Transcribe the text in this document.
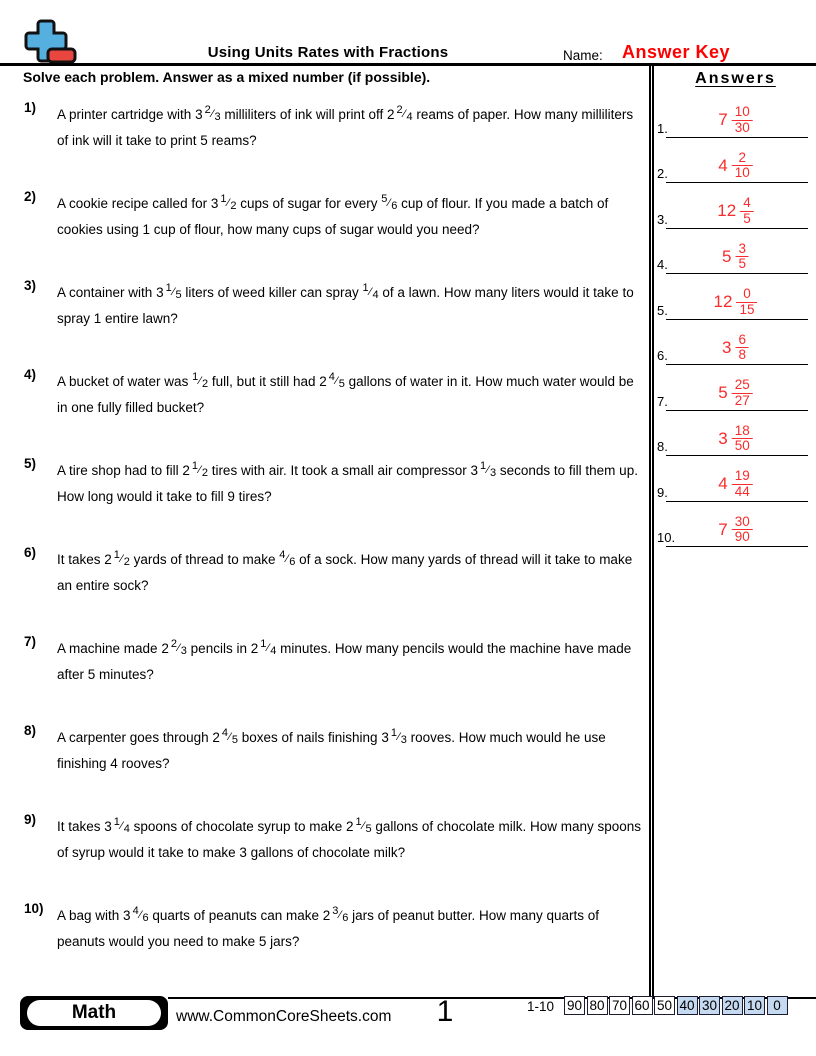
Using Units Rates with Fractions	Name: Answer Key
Solve each problem. Answer as a mixed number (if possible).	Answers
1.	$7 \frac{10}{30}$
2.	$4 \frac{2}{10}$
3.	$12 \frac{4}{5}$
4.	$5 \frac{3}{5}$
5.	$12 \frac{0}{15}$
6.	$3 \frac{6}{8}$
7.	$5 \frac{25}{27}$
8.	$3 \frac{18}{50}$
9.	$4 \frac{19}{44}$
10.	$7 \frac{30}{90}$
1)	A printer cartridge with 3 $^2$⁄3 milliliters of ink will print off 2 $^2$⁄4 reams of paper. How many milliliters of ink will it take to print 5 reams?
2)	A cookie recipe called for 3 $^1$⁄2 cups of sugar for every $^5$⁄6 cup of flour. If you made a batch of cookies using 1 cup of flour, how many cups of sugar would you need?
3)	A container with 3 $^1$⁄5 liters of weed killer can spray $^1$⁄4 of a lawn. How many liters would it take to spray 1 entire lawn?
4)	A bucket of water was $^1$⁄2 full, but it still had 2 $^4$⁄5 gallons of water in it. How much water would be in one fully filled bucket?
5)	A tire shop had to fill 2 $^1$⁄2 tires with air. It took a small air compressor 3 $^1$⁄3 seconds to fill them up. How long would it take to fill 9 tires?
6)	It takes 2 $^1$⁄2 yards of thread to make $^4$⁄6 of a sock. How many yards of thread will it take to make an entire sock?
7)	A machine made 2 $^2$⁄3 pencils in 2 $^1$⁄4 minutes. How many pencils would the machine have made after 5 minutes?
8)	A carpenter goes through 2 $^4$⁄5 boxes of nails finishing 3 $^1$⁄3 rooves. How much would he use finishing 4 rooves?
9)	It takes 3 $^1$⁄4 spoons of chocolate syrup to make 2 $^1$⁄5 gallons of chocolate milk. How many spoons of syrup would it take to make 3 gallons of chocolate milk?
10) A bag with 3 $^4$⁄6 quarts of peanuts can make 2 $^3$⁄6 jars of peanut butter. How many quarts of peanuts would you need to make 5 jars?
Math	www.CommonCoreSheets.com	1	1-10 90 80 70 60 50 40 30 20 10 0
